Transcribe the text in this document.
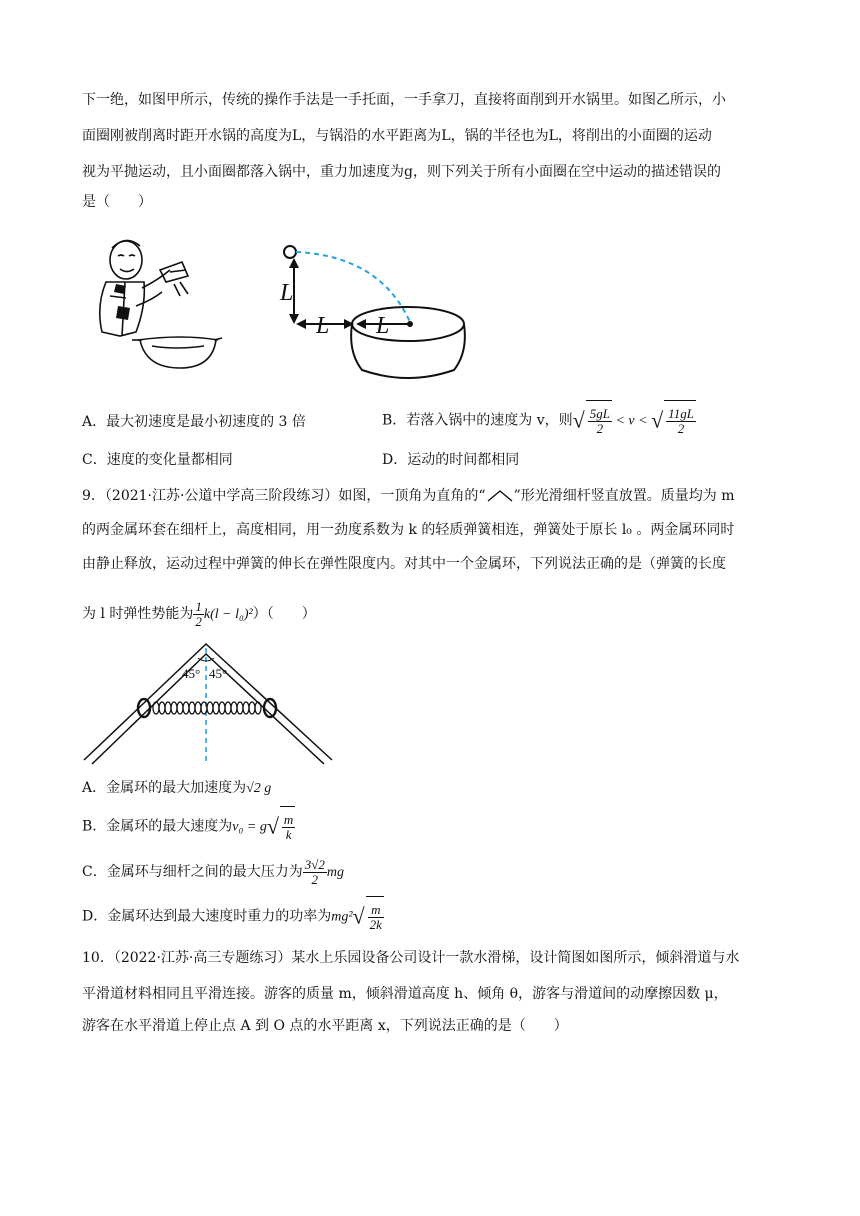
下一绝，如图甲所示，传统的操作手法是一手托面，一手拿刀，直接将面削到开水锅里。如图乙所示，小
面圈刚被削离时距开水锅的高度为L，与锅沿的水平距离为L，锅的半径也为L，将削出的小面圈的运动
视为平抛运动，且小面圈都落入锅中，重力加速度为g，则下列关于所有小面圈在空中运动的描述错误的
是（　　）
L
L L
A．最大初速度是最小初速度的 3 倍	B．若落入锅中的速度为 v，则√ $\frac{5gL}{2} < v$ < √ $\frac{11gL}{2}$
C．速度的变化量都相同	D．运动的时间都相同
9．（2021·江苏·公道中学高三阶段练习）如图，一顶角为直角的“ ”形光滑细杆竖直放置。质量均为 m
的两金属环套在细杆上，高度相同，用一劲度系数为 k 的轻质弹簧相连，弹簧处于原长 l₀ 。两金属环同时
由静止释放，运动过程中弹簧的伸长在弹性限度内。对其中一个金属环，下列说法正确的是（弹簧的长度
为 l 时弹性势能为 $\frac{1}{2} k(l - l_0)^2$）（　　）
45° 45°
A．金属环的最大加速度为√2 g
B．金属环的最大速度为$v_0 = g√ \frac{m}{k}$
C．金属环与细杆之间的最大压力为 $\frac{3√2}{2}$ mg
D．金属环达到最大速度时重力的功率为$mg^2√ \frac{m}{2k}$
10．（2022·江苏·高三专题练习）某水上乐园设备公司设计一款水滑梯，设计简图如图所示，倾斜滑道与水
平滑道材料相同且平滑连接。游客的质量 m，倾斜滑道高度 h、倾角 θ，游客与滑道间的动摩擦因数 μ，
游客在水平滑道上停止点 A 到 O 点的水平距离 x，下列说法正确的是（　　）
